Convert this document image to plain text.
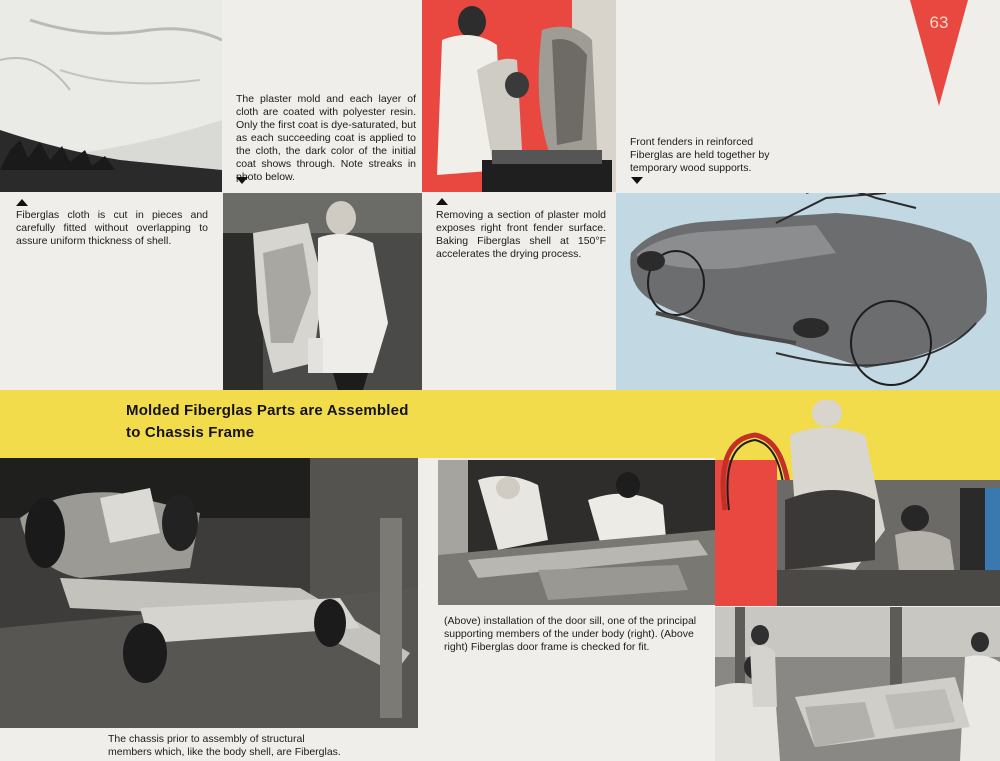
Fiberglas cloth is cut in pieces and carefully fitted without overlapping to assure uniform thickness of shell.
The plaster mold and each layer of cloth are coated with polyester resin. Only the first coat is dye-saturated, but as each succeeding coat is applied to the cloth, the dark color of the initial coat shows through. Note streaks in photo below.
Removing a section of plaster mold exposes right front fender surface. Baking Fiberglas shell at 150°F accelerates the drying process.
63
Front fenders in reinforced Fiberglas are held together by temporary wood supports.
Molded Fiberglas Parts are Assembled
to Chassis Frame
The chassis prior to assembly of structural members which, like the body shell, are Fiberglas.
(Above) installation of the door sill, one of the principal supporting members of the under body (right). (Above right) Fiberglas door frame is checked for fit.
